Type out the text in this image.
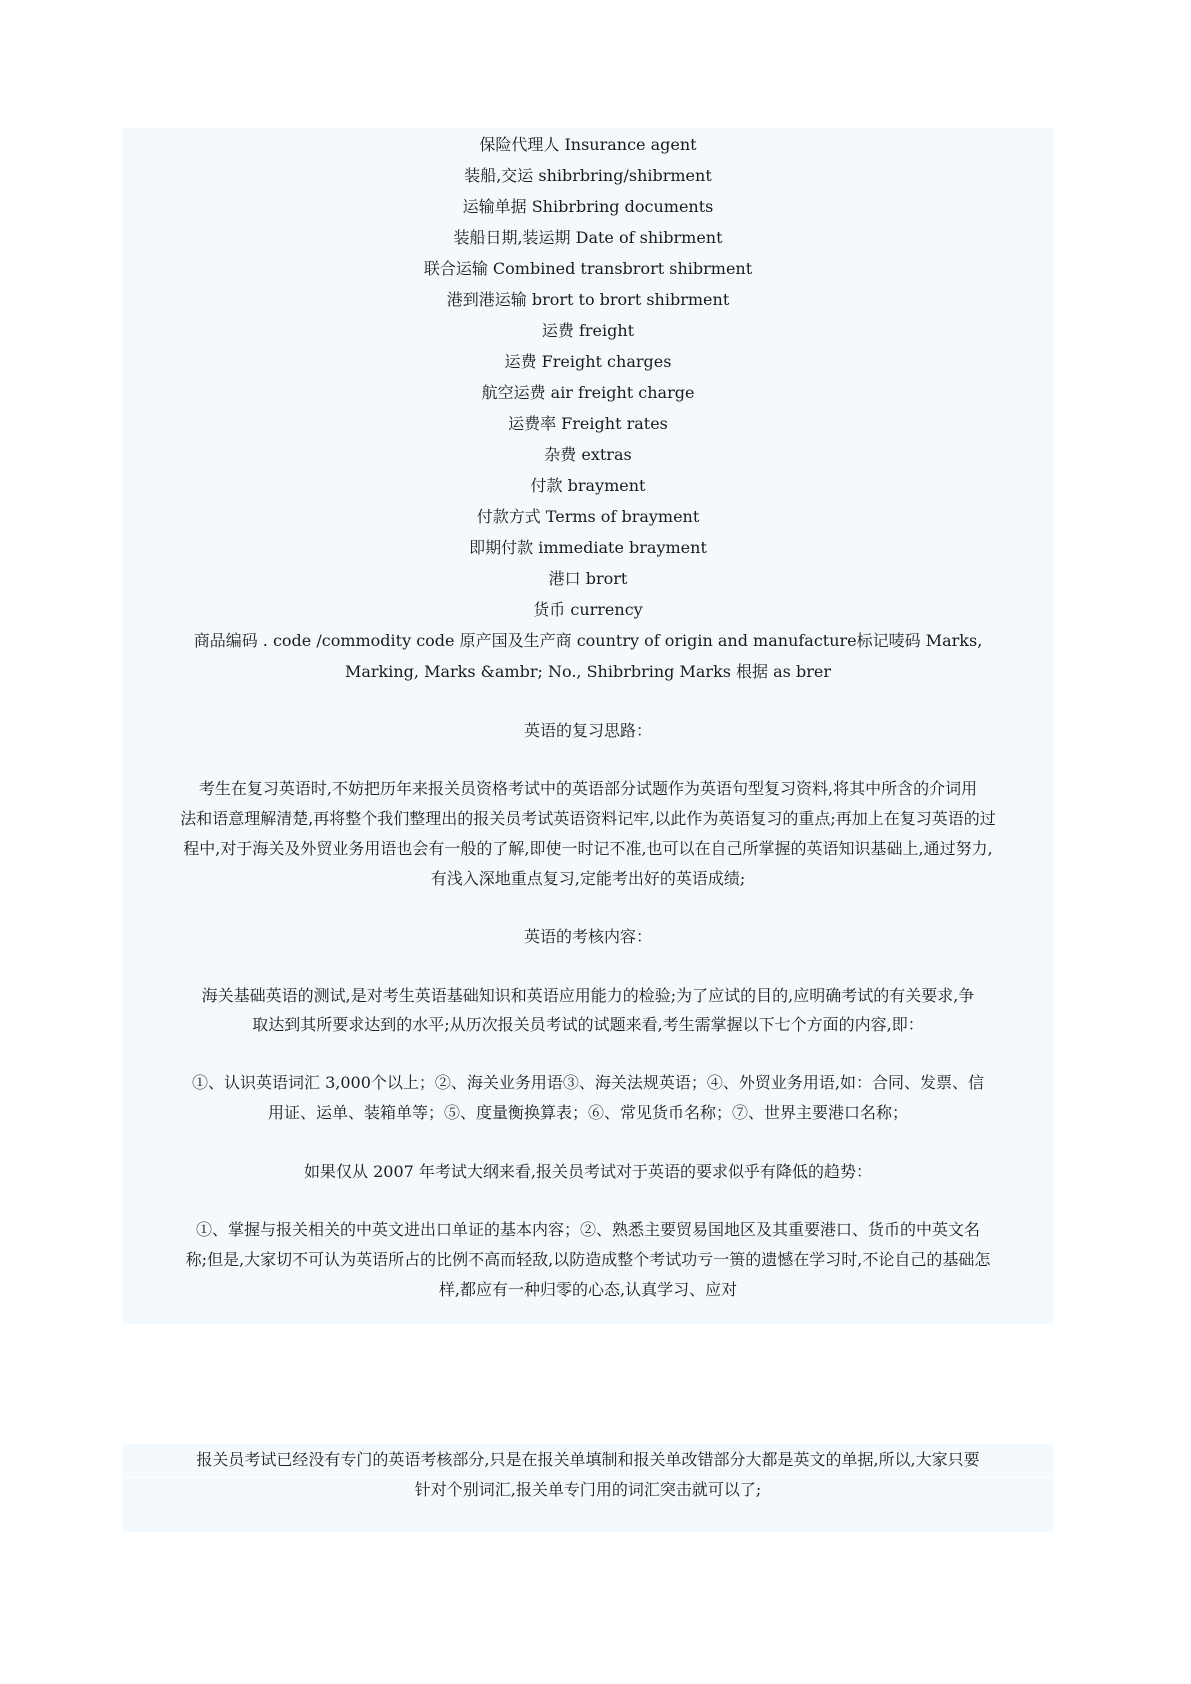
保险代理人 Insurance agent
装船,交运 shibrbring/shibrment
运输单据 Shibrbring documents
装船日期,装运期 Date of shibrment
联合运输 Combined transbrort shibrment
港到港运输 brort to brort shibrment
运费 freight
运费 Freight charges
航空运费 air freight charge
运费率 Freight rates
杂费 extras
付款 brayment
付款方式 Terms of brayment
即期付款 immediate brayment
港口 brort
货币 currency
商品编码 . code /commodity code 原产国及生产商 country of origin and manufacture标记唛码 Marks,
Marking, Marks &ambr; No., Shibrbring Marks 根据 as brer
英语的复习思路：
考生在复习英语时,不妨把历年来报关员资格考试中的英语部分试题作为英语句型复习资料,将其中所含的介词用
法和语意理解清楚,再将整个我们整理出的报关员考试英语资料记牢,以此作为英语复习的重点;再加上在复习英语的过
程中,对于海关及外贸业务用语也会有一般的了解,即使一时记不准,也可以在自己所掌握的英语知识基础上,通过努力,
有浅入深地重点复习,定能考出好的英语成绩;
英语的考核内容：
海关基础英语的测试,是对考生英语基础知识和英语应用能力的检验;为了应试的目的,应明确考试的有关要求,争
取达到其所要求达到的水平;从历次报关员考试的试题来看,考生需掌握以下七个方面的内容,即：
①、认识英语词汇 3,000个以上；②、海关业务用语③、海关法规英语；④、外贸业务用语,如：合同、发票、信
用证、运单、装箱单等；⑤、度量衡换算表；⑥、常见货币名称；⑦、世界主要港口名称；
如果仅从 2007 年考试大纲来看,报关员考试对于英语的要求似乎有降低的趋势：
①、掌握与报关相关的中英文进出口单证的基本内容；②、熟悉主要贸易国地区及其重要港口、货币的中英文名
称;但是,大家切不可认为英语所占的比例不高而轻敌,以防造成整个考试功亏一篑的遗憾在学习时,不论自己的基础怎
样,都应有一种归零的心态,认真学习、应对
报关员考试已经没有专门的英语考核部分,只是在报关单填制和报关单改错部分大都是英文的单据,所以,大家只要
针对个别词汇,报关单专门用的词汇突击就可以了;
